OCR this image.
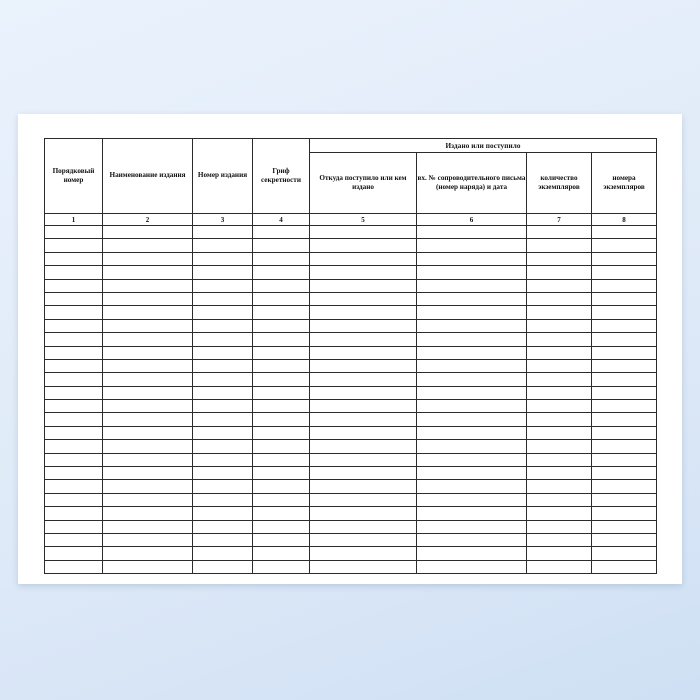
Порядковый номер	Наименование издания	Номер издания	Гриф секретности	Издано или поступило			
				Откуда поступило или кем издано	вх. № сопроводительного письма (номер наряда) и дата	количество экземпляров	номера экземпляров
1	2	3	4	5	6	7	8
